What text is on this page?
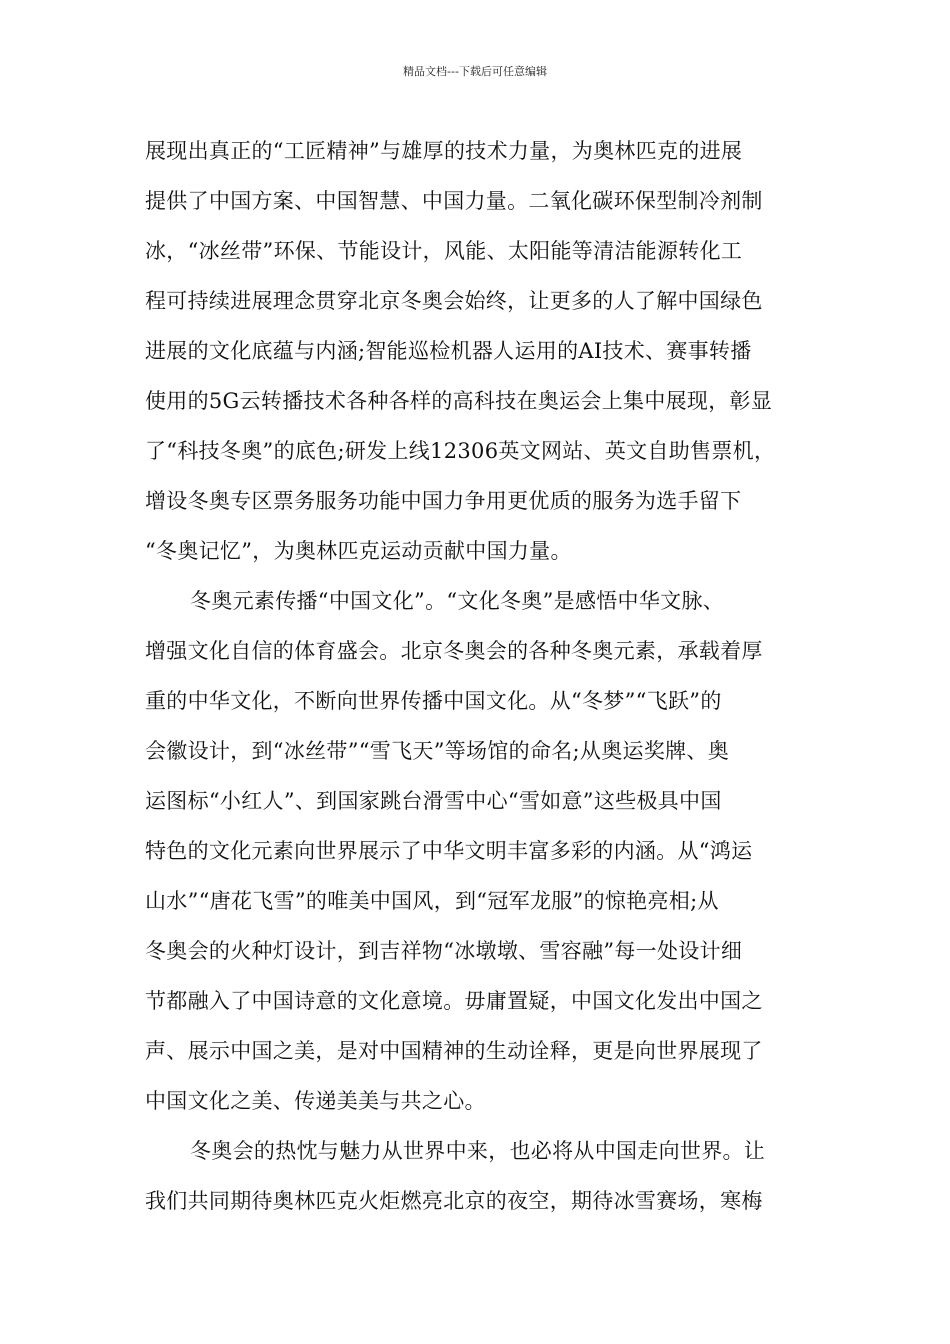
精品文档---下载后可任意编辑
展现出真正的“工匠精神”与雄厚的技术力量，为奥林匹克的进展
提供了中国方案、中国智慧、中国力量。二氧化碳环保型制冷剂制
冰，“冰丝带”环保、节能设计，风能、太阳能等清洁能源转化工
程可持续进展理念贯穿北京冬奥会始终，让更多的人了解中国绿色
进展的文化底蕴与内涵;智能巡检机器人运用的AI技术、赛事转播
使用的5G云转播技术各种各样的高科技在奥运会上集中展现，彰显
了“科技冬奥”的底色;研发上线12306英文网站、英文自助售票机，
增设冬奥专区票务服务功能中国力争用更优质的服务为选手留下
“冬奥记忆”，为奥林匹克运动贡献中国力量。
冬奥元素传播“中国文化”。“文化冬奥”是感悟中华文脉、
增强文化自信的体育盛会。北京冬奥会的各种冬奥元素，承载着厚
重的中华文化，不断向世界传播中国文化。从“冬梦”“飞跃”的
会徽设计，到“冰丝带”“雪飞天”等场馆的命名;从奥运奖牌、奥
运图标“小红人”、到国家跳台滑雪中心“雪如意”这些极具中国
特色的文化元素向世界展示了中华文明丰富多彩的内涵。从“鸿运
山水”“唐花飞雪”的唯美中国风，到“冠军龙服”的惊艳亮相;从
冬奥会的火种灯设计，到吉祥物“冰墩墩、雪容融”每一处设计细
节都融入了中国诗意的文化意境。毋庸置疑，中国文化发出中国之
声、展示中国之美，是对中国精神的生动诠释，更是向世界展现了
中国文化之美、传递美美与共之心。
冬奥会的热忱与魅力从世界中来，也必将从中国走向世界。让
我们共同期待奥林匹克火炬燃亮北京的夜空，期待冰雪赛场，寒梅
